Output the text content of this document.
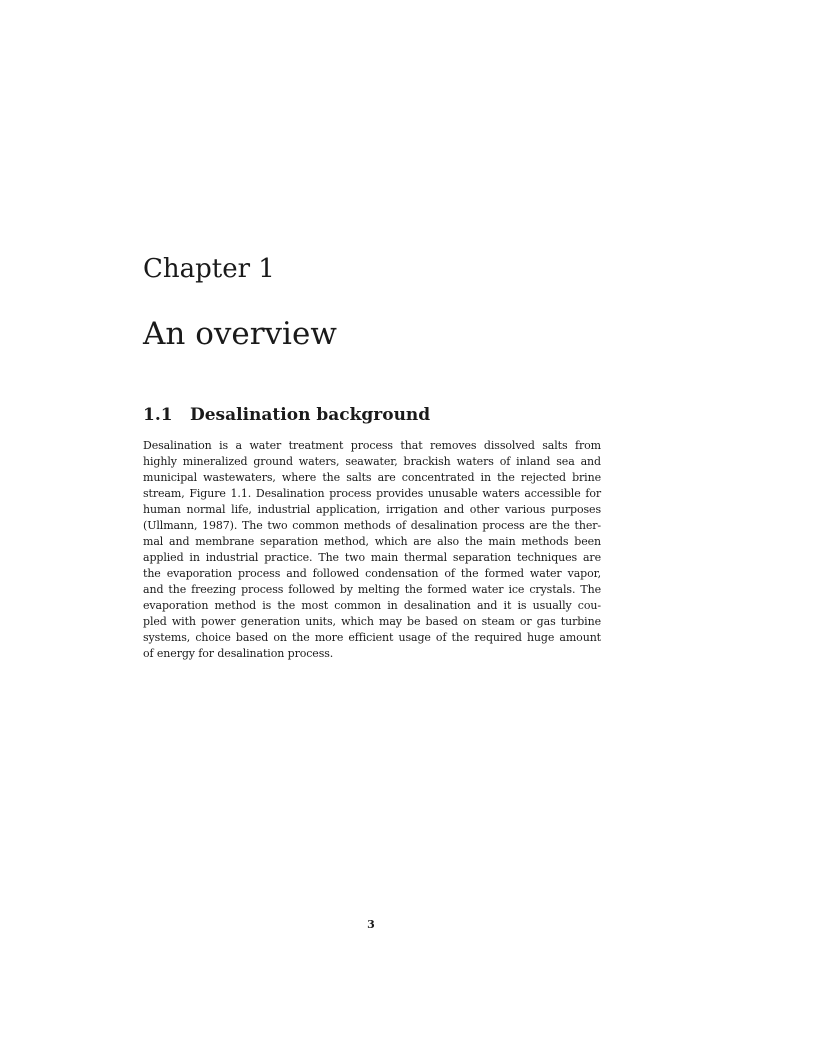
Chapter 1
An overview
1.1 Desalination background
Desalination is a water treatment process that removes dissolved salts from
highly mineralized ground waters, seawater, brackish waters of inland sea and
municipal wastewaters, where the salts are concentrated in the rejected brine
stream, Figure 1.1. Desalination process provides unusable waters accessible for
human normal life, industrial application, irrigation and other various purposes
(Ullmann, 1987). The two common methods of desalination process are the ther-
mal and membrane separation method, which are also the main methods been
applied in industrial practice. The two main thermal separation techniques are
the evaporation process and followed condensation of the formed water vapor,
and the freezing process followed by melting the formed water ice crystals. The
evaporation method is the most common in desalination and it is usually cou-
pled with power generation units, which may be based on steam or gas turbine
systems, choice based on the more efficient usage of the required huge amount
of energy for desalination process.
3
